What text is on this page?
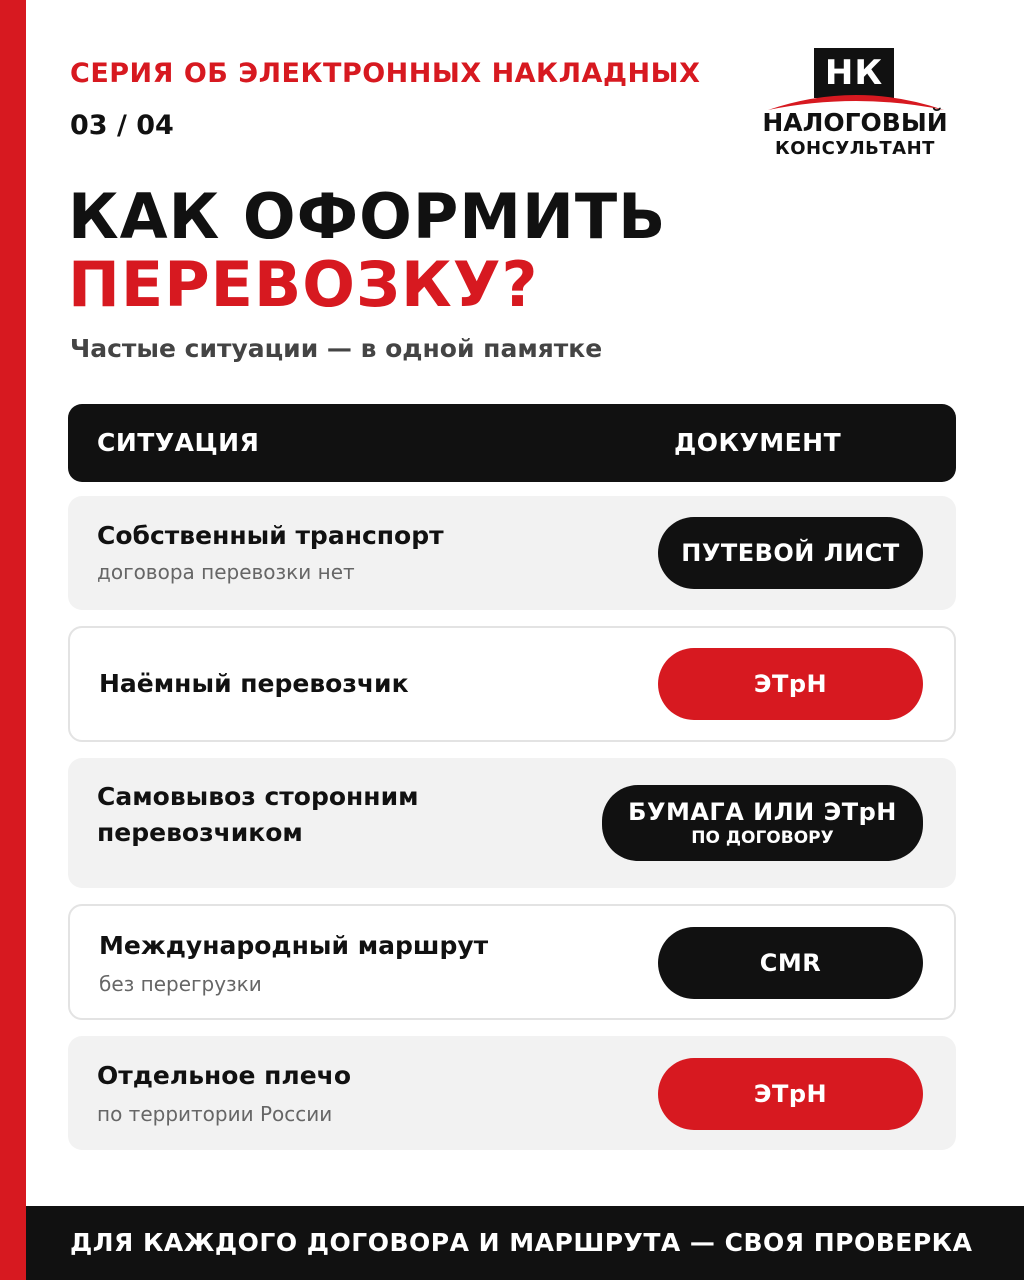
СЕРИЯ ОБ ЭЛЕКТРОННЫХ НАКЛАДНЫХ
03 / 04
НК
НАЛОГОВЫЙ
КОНСУЛЬТАНТ
КАК ОФОРМИТЬ
ПЕРЕВОЗКУ?
Частые ситуации — в одной памятке
СИТУАЦИЯ	ДОКУМЕНТ
Собственный транспорт
договора перевозки нет
ПУТЕВОЙ ЛИСТ
Наёмный перевозчик	ЭТрН
Самовывоз сторонним
перевозчиком
БУМАГА ИЛИ ЭТрН
ПО ДОГОВОРУ
Международный маршрут
без перегрузки
CMR
Отдельное плечо
по территории России
ЭТрН
ДЛЯ КАЖДОГО ДОГОВОРА И МАРШРУТА — СВОЯ ПРОВЕРКА
